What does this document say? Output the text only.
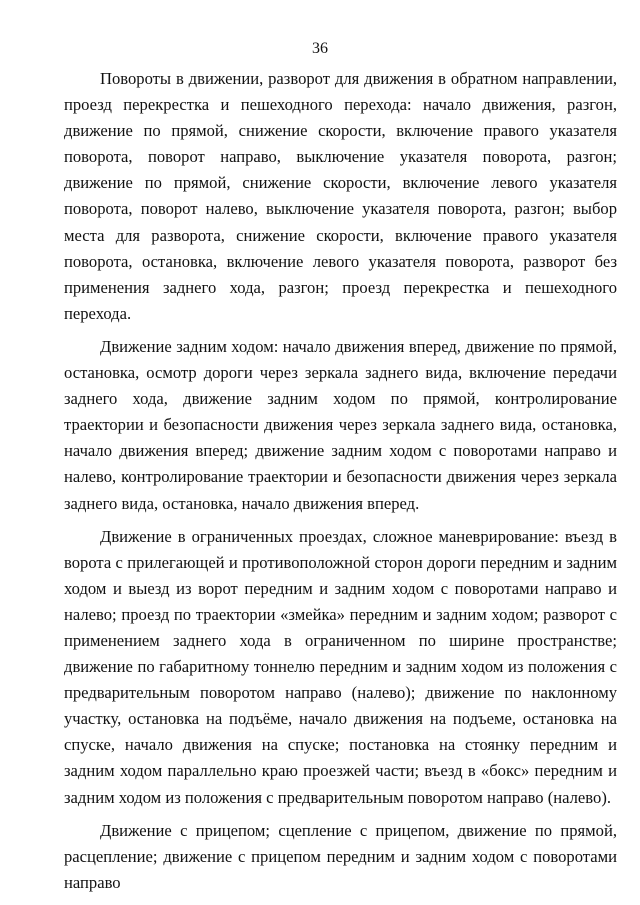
36

Повороты в движении, разворот для движения в обратном направлении, проезд перекрестка и пешеходного перехода: начало движения, разгон, движение по прямой, снижение скорости, включение правого указателя поворота, поворот направо, выключение указателя поворота, разгон; движение по прямой, снижение скорости, включение левого указателя поворота, поворот налево, выключение указателя поворота, разгон; выбор места для разворота, снижение скорости, включение правого указателя поворота, остановка, включение левого указателя поворота, разворот без применения заднего хода, разгон; проезд перекрестка и пешеходного перехода.

Движение задним ходом: начало движения вперед, движение по прямой, остановка, осмотр дороги через зеркала заднего вида, включение передачи заднего хода, движение задним ходом по прямой, контролирование траектории и безопасности движения через зеркала заднего вида, остановка, начало движения вперед; движение задним ходом с поворотами направо и налево, контролирование траектории и безопасности движения через зеркала заднего вида, остановка, начало движения вперед.

Движение в ограниченных проездах, сложное маневрирование: въезд в ворота с прилегающей и противоположной сторон дороги передним и задним ходом и выезд из ворот передним и задним ходом с поворотами направо и налево; проезд по траектории «змейка» передним и задним ходом; разворот с применением заднего хода в ограниченном по ширине пространстве; движение по габаритному тоннелю передним и задним ходом из положения с предварительным поворотом направо (налево); движение по наклонному участку, остановка на подъёме, начало движения на подъеме, остановка на спуске, начало движения на спуске; постановка на стоянку передним и задним ходом параллельно краю проезжей части; въезд в «бокс» передним и задним ходом из положения с предварительным поворотом направо (налево).

Движение с прицепом; сцепление с прицепом, движение по прямой, расцепление; движение с прицепом передним и задним ходом с поворотами направо
